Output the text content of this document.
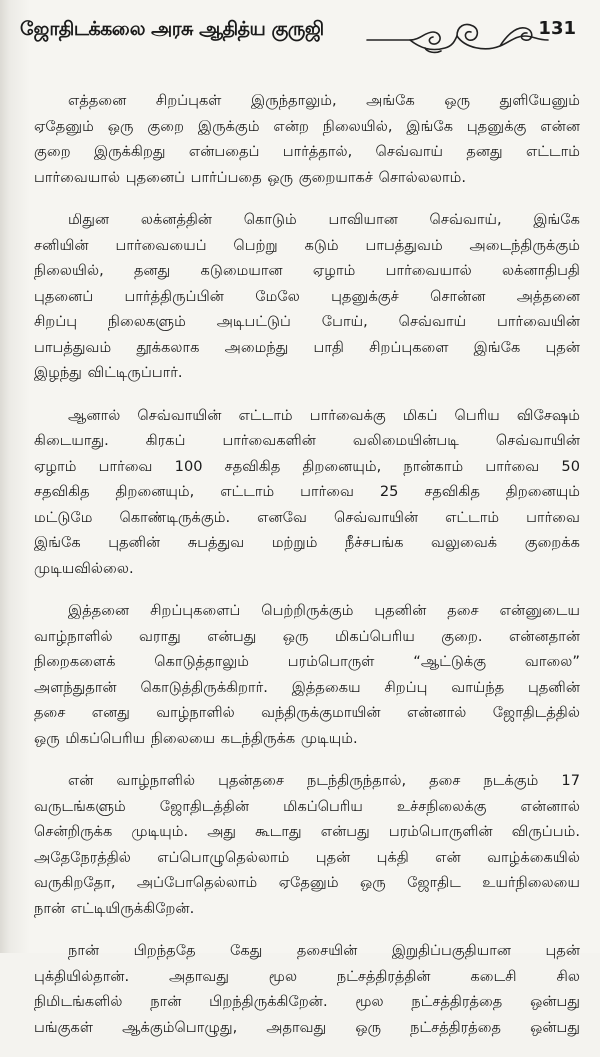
ஜோதிடக்கலை அரசு ஆதித்ய குருஜி	131

எத்தனை சிறப்புகள் இருந்தாலும், அங்கே ஒரு துளியேனும்
ஏதேனும் ஒரு குறை இருக்கும் என்ற நிலையில், இங்கே புதனுக்கு என்ன
குறை இருக்கிறது என்பதைப் பார்த்தால், செவ்வாய் தனது எட்டாம்
பார்வையால் புதனைப் பார்ப்பதை ஒரு குறையாகச் சொல்லலாம்.

மிதுன லக்னத்தின் கொடும் பாவியான செவ்வாய், இங்கே
சனியின் பார்வையைப் பெற்று கடும் பாபத்துவம் அடைந்திருக்கும்
நிலையில், தனது கடுமையான ஏழாம் பார்வையால் லக்னாதிபதி
புதனைப் பார்த்திருப்பின் மேலே புதனுக்குச் சொன்ன அத்தனை
சிறப்பு நிலைகளும் அடிபட்டுப் போய், செவ்வாய் பார்வையின்
பாபத்துவம் தூக்கலாக அமைந்து பாதி சிறப்புகளை இங்கே புதன்
இழந்து விட்டிருப்பார்.

ஆனால் செவ்வாயின் எட்டாம் பார்வைக்கு மிகப் பெரிய விசேஷம்
கிடையாது. கிரகப் பார்வைகளின் வலிமையின்படி செவ்வாயின்
ஏழாம் பார்வை 100 சதவிகித திறனையும், நான்காம் பார்வை 50
சதவிகித திறனையும், எட்டாம் பார்வை 25 சதவிகித திறனையும்
மட்டுமே கொண்டிருக்கும். எனவே செவ்வாயின் எட்டாம் பார்வை
இங்கே புதனின் சுபத்துவ மற்றும் நீச்சபங்க வலுவைக் குறைக்க
முடியவில்லை.

இத்தனை சிறப்புகளைப் பெற்றிருக்கும் புதனின் தசை என்னுடைய
வாழ்நாளில் வராது என்பது ஒரு மிகப்பெரிய குறை. என்னதான்
நிறைகளைக் கொடுத்தாலும் பரம்பொருள் “ஆட்டுக்கு வாலை”
அளந்துதான் கொடுத்திருக்கிறார். இத்தகைய சிறப்பு வாய்ந்த புதனின்
தசை எனது வாழ்நாளில் வந்திருக்குமாயின் என்னால் ஜோதிடத்தில்
ஒரு மிகப்பெரிய நிலையை கடந்திருக்க முடியும்.

என் வாழ்நாளில் புதன்தசை நடந்திருந்தால், தசை நடக்கும் 17
வருடங்களும் ஜோதிடத்தின் மிகப்பெரிய உச்சநிலைக்கு என்னால்
சென்றிருக்க முடியும். அது கூடாது என்பது பரம்பொருளின் விருப்பம்.
அதேநேரத்தில் எப்பொழுதெல்லாம் புதன் புக்தி என் வாழ்க்கையில்
வருகிறதோ, அப்போதெல்லாம் ஏதேனும் ஒரு ஜோதிட உயர்நிலையை
நான் எட்டியிருக்கிறேன்.

நான் பிறந்ததே கேது தசையின் இறுதிப்பகுதியான புதன்
புக்தியில்தான். அதாவது மூல நட்சத்திரத்தின் கடைசி சில
நிமிடங்களில் நான் பிறந்திருக்கிறேன். மூல நட்சத்திரத்தை ஒன்பது
பங்குகள் ஆக்கும்பொழுது, அதாவது ஒரு நட்சத்திரத்தை ஒன்பது
